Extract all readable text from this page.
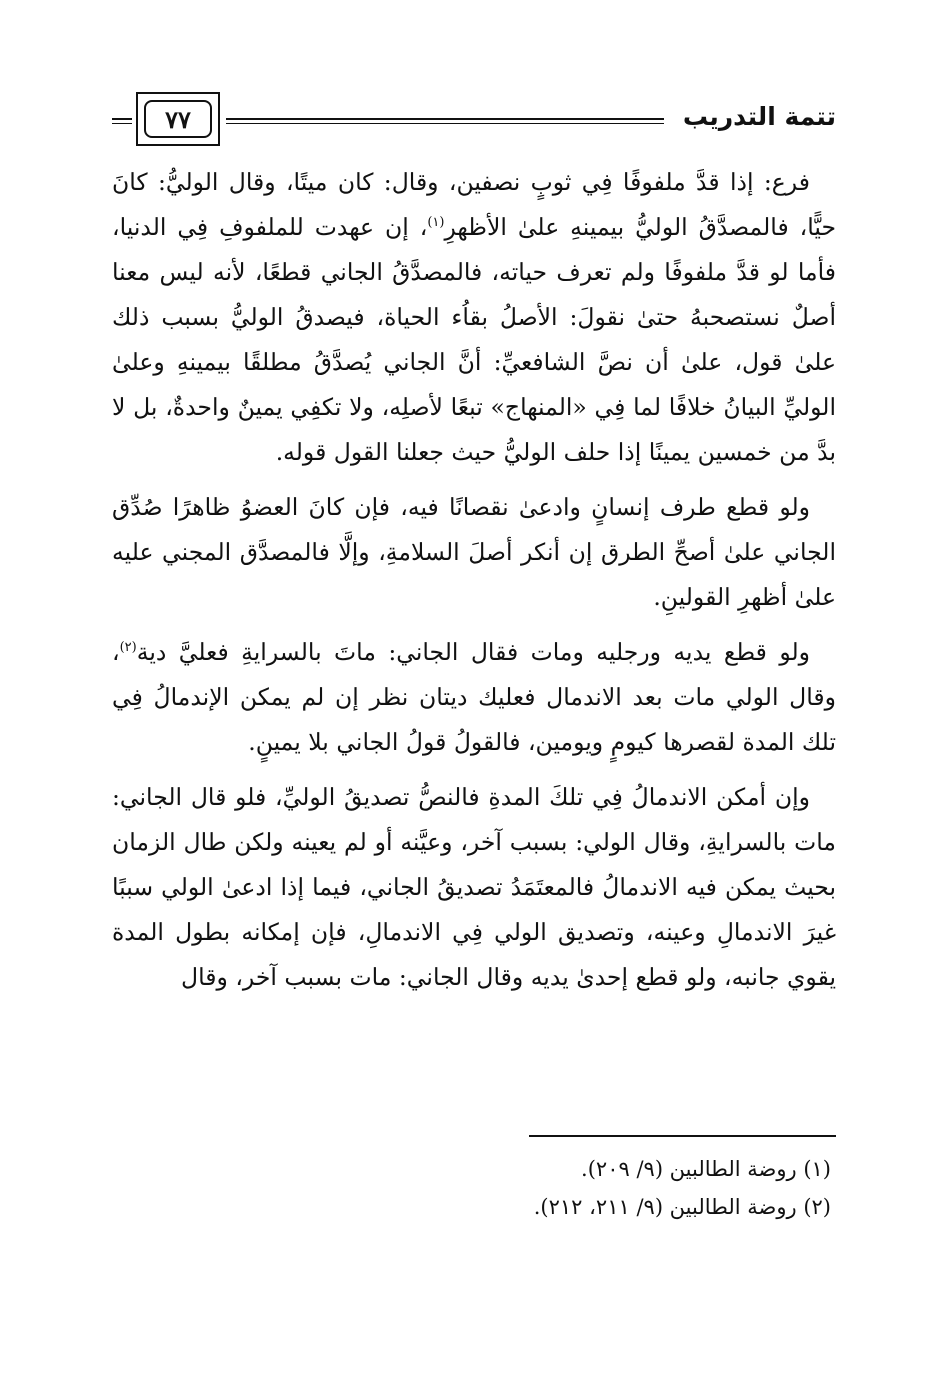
تتمة التدريب
٧٧

فرع: إذا قدَّ ملفوفًا فِي ثوبٍ نصفين، وقال: كان ميتًا، وقال الوليُّ: كانَ حيًّا، فالمصدَّقُ الوليُّ بيمينهِ علىٰ الأظهرِ$^{(١)}$، إن عهدت للملفوفِ فِي الدنيا، فأما لو قدَّ ملفوفًا ولم تعرف حياته، فالمصدَّقُ الجاني قطعًا، لأنه ليس معنا أصلٌ نستصحبهُ حتىٰ نقولَ: الأصلُ بقاُء الحياة، فيصدقُ الوليُّ بسبب ذلك علىٰ قول، علىٰ أن نصَّ الشافعيِّ: أنَّ الجاني يُصدَّقُ مطلقًا بيمينهِ وعلىٰ الوليِّ البيانُ خلافًا لما فِي «المنهاج» تبعًا لأصلِه، ولا تكفِي يمينٌ واحدةٌ، بل لا بدَّ من خمسين يمينًا إذا حلف الوليُّ حيث جعلنا القول قوله.

ولو قطع طرف إنسانٍ وادعىٰ نقصانًا فيه، فإن كانَ العضوُ ظاهرًا صُدِّق الجاني علىٰ أصحِّ الطرق إن أنكر أصلَ السلامةِ، وإلَّا فالمصدَّق المجني عليه علىٰ أظهرِ القولينِ.

ولو قطع يديه ورجليه ومات فقال الجاني: ماتَ بالسرايةِ فعليَّ دية$^{(٢)}$، وقال الولي مات بعد الاندمال فعليك ديتان نظر إن لم يمكن الإندمالُ فِي تلك المدة لقصرها كيومٍ ويومين، فالقولُ قولُ الجاني بلا يمينٍ.

وإن أمكن الاندمالُ فِي تلكَ المدةِ فالنصُّ تصديقُ الوليِّ، فلو قال الجاني: مات بالسرايةِ، وقال الولي: بسبب آخر، وعيَّنه أو لم يعينه ولكن طال الزمان بحيث يمكن فيه الاندمالُ فالمعتَمَدُ تصديقُ الجاني، فيما إذا ادعىٰ الولي سببًا غيرَ الاندمالِ وعينه، وتصديق الولي فِي الاندمالِ، فإن إمكانه بطول المدة يقوي جانبه، ولو قطع إحدىٰ يديه وقال الجاني: مات بسبب آخر، وقال

(١) روضة الطالبين (٩/ ٢٠٩).
(٢) روضة الطالبين (٩/ ٢١١، ٢١٢).
